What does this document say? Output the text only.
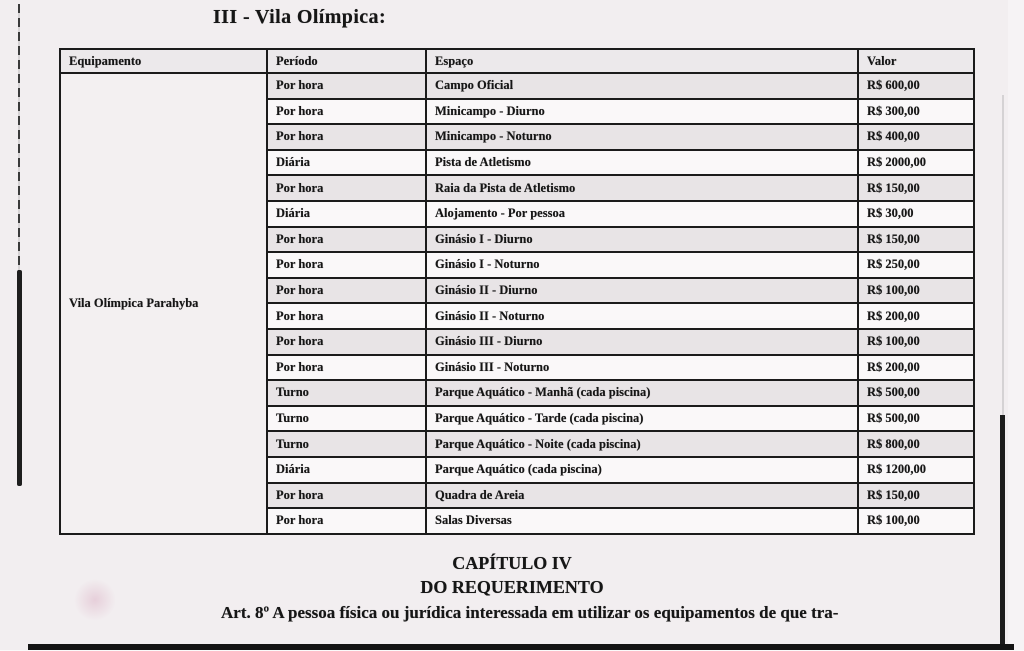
III - Vila Olímpica:
Equipamento	Período	Espaço	Valor
Vila Olímpica Parahyba	Por hora	Campo Oficial	R$ 600,00
	Por hora	Minicampo - Diurno	R$ 300,00
	Por hora	Minicampo - Noturno	R$ 400,00
	Diária	Pista de Atletismo	R$ 2000,00
	Por hora	Raia da Pista de Atletismo	R$ 150,00
	Diária	Alojamento - Por pessoa	R$ 30,00
	Por hora	Ginásio I - Diurno	R$ 150,00
	Por hora	Ginásio I - Noturno	R$ 250,00
	Por hora	Ginásio II - Diurno	R$ 100,00
	Por hora	Ginásio II - Noturno	R$ 200,00
	Por hora	Ginásio III - Diurno	R$ 100,00
	Por hora	Ginásio III - Noturno	R$ 200,00
	Turno	Parque Aquático - Manhã (cada piscina)	R$ 500,00
	Turno	Parque Aquático - Tarde (cada piscina)	R$ 500,00
	Turno	Parque Aquático - Noite (cada piscina)	R$ 800,00
	Diária	Parque Aquático (cada piscina)	R$ 1200,00
	Por hora	Quadra de Areia	R$ 150,00
	Por hora	Salas Diversas	R$ 100,00
CAPÍTULO IV
DO REQUERIMENTO
Art. 8º A pessoa física ou jurídica interessada em utilizar os equipamentos de que tra-
